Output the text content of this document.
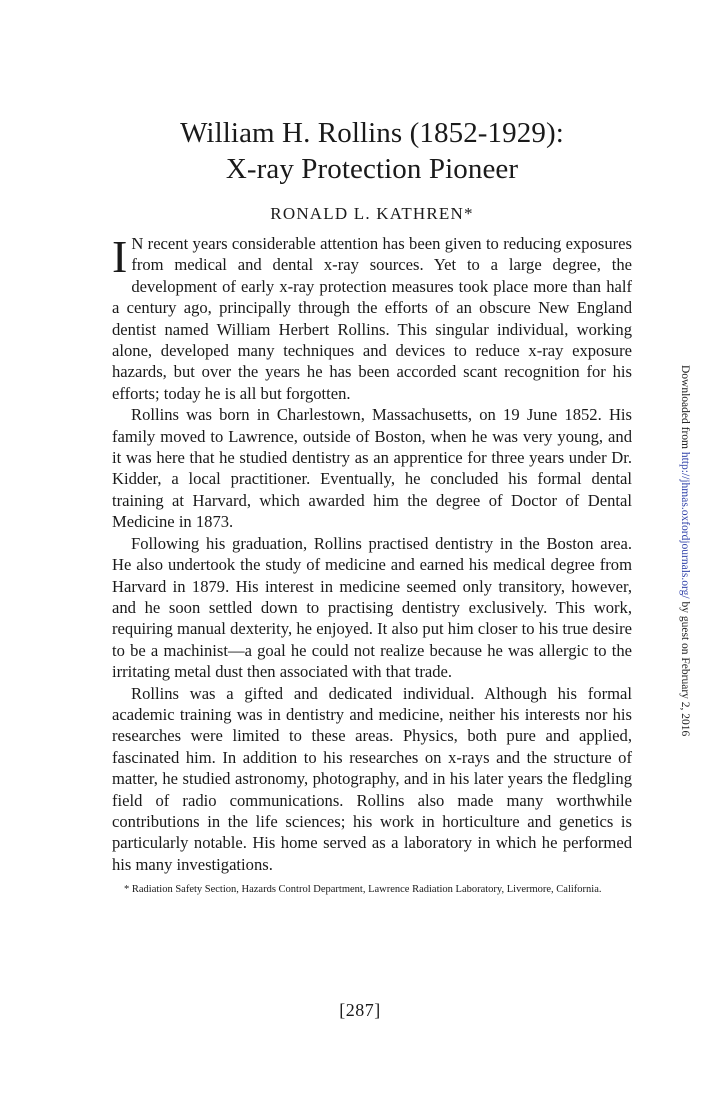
William H. Rollins (1852-1929):
X-ray Protection Pioneer
RONALD L. KATHREN*

I N recent years considerable attention has been given to reducing exposures from medical and dental x-ray sources. Yet to a large degree, the development of early x-ray protection measures took place more than half a century ago, principally through the efforts of an obscure New England dentist named William Herbert Rollins. This singular individual, working alone, developed many techniques and devices to reduce x-ray exposure hazards, but over the years he has been accorded scant recognition for his efforts; today he is all but forgotten.

Rollins was born in Charlestown, Massachusetts, on 19 June 1852. His family moved to Lawrence, outside of Boston, when he was very young, and it was here that he studied dentistry as an apprentice for three years under Dr. Kidder, a local practitioner. Eventually, he concluded his formal dental training at Harvard, which awarded him the degree of Doctor of Dental Medicine in 1873.

Following his graduation, Rollins practised dentistry in the Boston area. He also undertook the study of medicine and earned his medical degree from Harvard in 1879. His interest in medicine seemed only transitory, however, and he soon settled down to practising dentistry exclusively. This work, requiring manual dexterity, he enjoyed. It also put him closer to his true desire to be a machinist—a goal he could not realize because he was allergic to the irritating metal dust then associated with that trade.

Rollins was a gifted and dedicated individual. Although his formal academic training was in dentistry and medicine, neither his interests nor his researches were limited to these areas. Physics, both pure and applied, fascinated him. In addition to his researches on x-rays and the structure of matter, he studied astronomy, photography, and in his later years the fledgling field of radio communications. Rollins also made many worthwhile contributions in the life sciences; his work in horticulture and genetics is particularly notable. His home served as a laboratory in which he performed his many investigations.

* Radiation Safety Section, Hazards Control Department, Lawrence Radiation Laboratory, Livermore, California.
[287]
Downloaded from http://jhmas.oxfordjournals.org/ by guest on February 2, 2016
